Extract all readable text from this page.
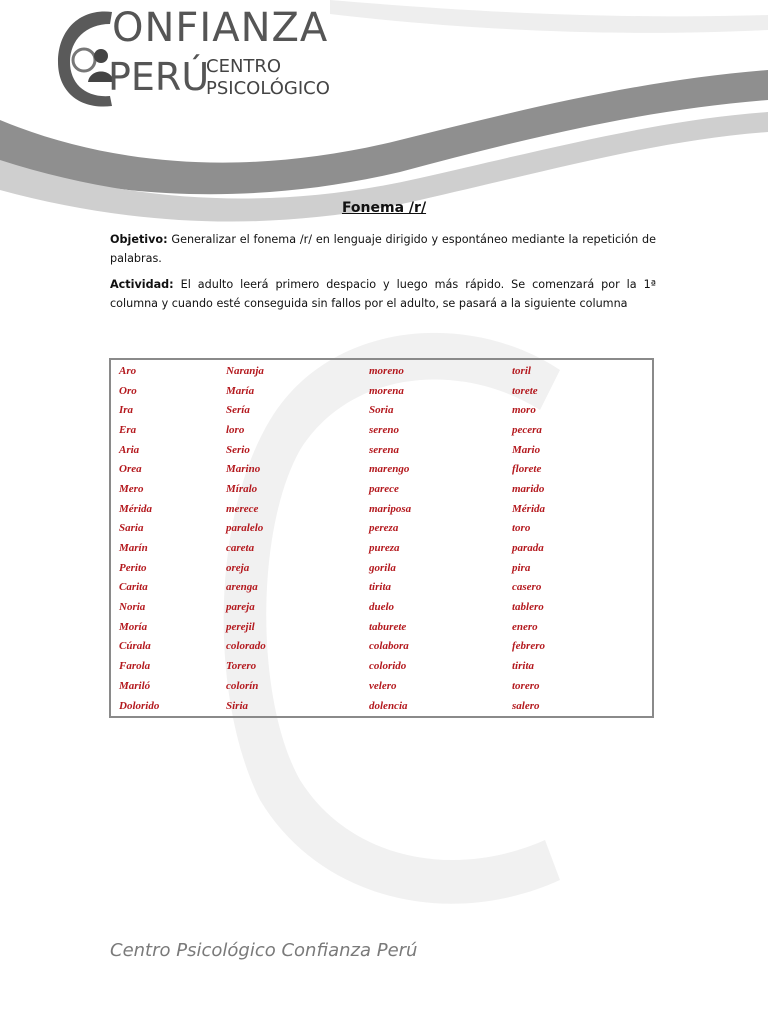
ONFIANZA
PERÚ
CENTRO
PSICOLÓGICO
Fonema /r/
Objetivo: Generalizar el fonema /r/ en lenguaje dirigido y espontáneo mediante la repetición de palabras.
Actividad: El adulto leerá primero despacio y luego más rápido. Se comenzará por la 1ª columna y cuando esté conseguida sin fallos por el adulto, se pasará a la siguiente columna
Aro	Naranja	moreno	toril
Oro	María	morena	torete
Ira	Sería	Soria	moro
Era	loro	sereno	pecera
Aria	Serio	serena	Mario
Orea	Marino	marengo	florete
Mero	Míralo	parece	marido
Mérida	merece	mariposa	Mérida
Saria	paralelo	pereza	toro
Marín	careta	pureza	parada
Perito	oreja	gorila	pira
Carita	arenga	tirita	casero
Noria	pareja	duelo	tablero
Moría	perejil	taburete	enero
Cúrala	colorado	colabora	febrero
Farola	Torero	colorido	tirita
Mariló	colorín	velero	torero
Dolorido	Siria	dolencia	salero
Centro Psicológico Confianza Perú
